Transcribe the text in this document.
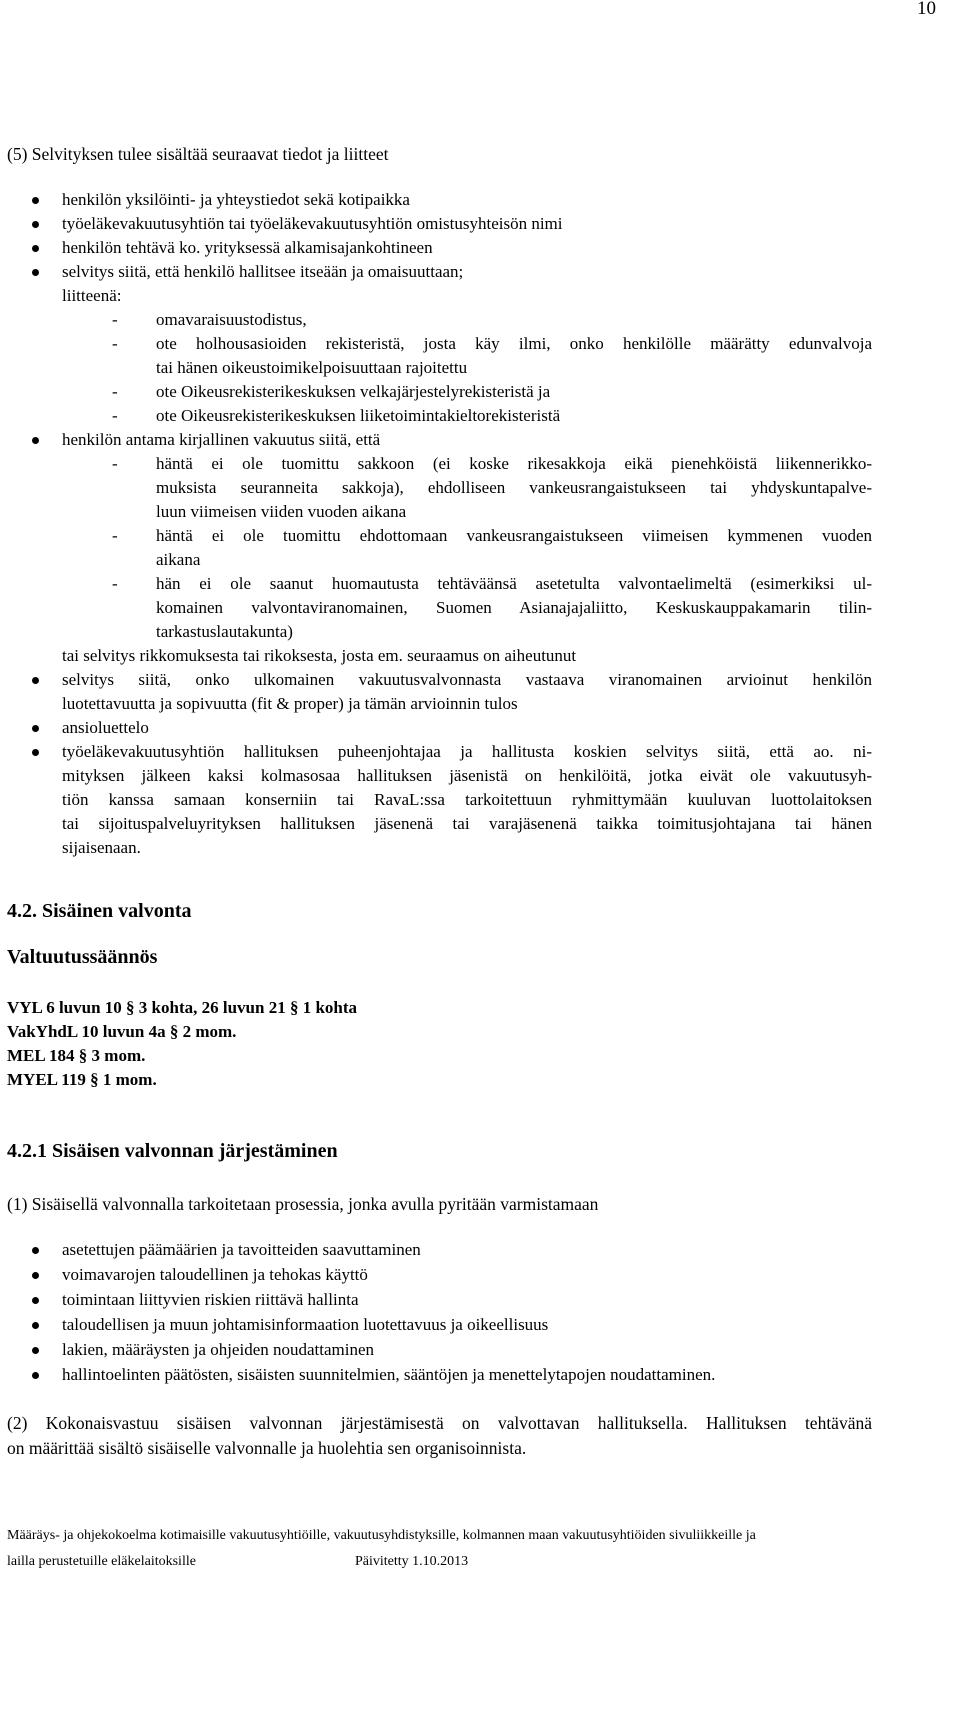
10
(5) Selvityksen tulee sisältää seuraavat tiedot ja liitteet
henkilön yksilöinti- ja yhteystiedot sekä kotipaikka
työeläkevakuutusyhtiön tai työeläkevakuutusyhtiön omistusyhteisön nimi
henkilön tehtävä ko. yrityksessä alkamisajankohtineen
selvitys siitä, että henkilö hallitsee itseään ja omaisuuttaan;
liitteenä:
- omavaraisuustodistus,
- ote holhousasioiden rekisteristä, josta käy ilmi, onko henkilölle määrätty edunvalvoja
tai hänen oikeustoimikelpoisuuttaan rajoitettu
- ote Oikeusrekisterikeskuksen velkajärjestelyrekisteristä ja
- ote Oikeusrekisterikeskuksen liiketoimintakieltorekisteristä
henkilön antama kirjallinen vakuutus siitä, että
- häntä ei ole tuomittu sakkoon (ei koske rikesakkoja eikä pienehköistä liikennerikko-
muksista seuranneita sakkoja), ehdolliseen vankeusrangaistukseen tai yhdyskuntapalve-
luun viimeisen viiden vuoden aikana
- häntä ei ole tuomittu ehdottomaan vankeusrangaistukseen viimeisen kymmenen vuoden
aikana
- hän ei ole saanut huomautusta tehtäväänsä asetetulta valvontaelimeltä (esimerkiksi ul-
komainen valvontaviranomainen, Suomen Asianajajaliitto, Keskuskauppakamarin tilin-
tarkastuslautakunta)
tai selvitys rikkomuksesta tai rikoksesta, josta em. seuraamus on aiheutunut
selvitys siitä, onko ulkomainen vakuutusvalvonnasta vastaava viranomainen arvioinut henkilön
luotettavuutta ja sopivuutta (fit & proper) ja tämän arvioinnin tulos
ansioluettelo
työeläkevakuutusyhtiön hallituksen puheenjohtajaa ja hallitusta koskien selvitys siitä, että ao. ni-
mityksen jälkeen kaksi kolmasosaa hallituksen jäsenistä on henkilöitä, jotka eivät ole vakuutusyh-
tiön kanssa samaan konserniin tai RavaL:ssa tarkoitettuun ryhmittymään kuuluvan luottolaitoksen
tai sijoituspalveluyrityksen hallituksen jäsenenä tai varajäsenenä taikka toimitusjohtajana tai hänen
sijaisenaan.
4.2. Sisäinen valvonta
Valtuutussäännös
VYL 6 luvun 10 § 3 kohta, 26 luvun 21 § 1 kohta
VakYhdL 10 luvun 4a § 2 mom.
MEL 184 § 3 mom.
MYEL 119 § 1 mom.
4.2.1 Sisäisen valvonnan järjestäminen
(1) Sisäisellä valvonnalla tarkoitetaan prosessia, jonka avulla pyritään varmistamaan
asetettujen päämäärien ja tavoitteiden saavuttaminen
voimavarojen taloudellinen ja tehokas käyttö
toimintaan liittyvien riskien riittävä hallinta
taloudellisen ja muun johtamisinformaation luotettavuus ja oikeellisuus
lakien, määräysten ja ohjeiden noudattaminen
hallintoelinten päätösten, sisäisten suunnitelmien, sääntöjen ja menettelytapojen noudattaminen.
(2) Kokonaisvastuu sisäisen valvonnan järjestämisestä on valvottavan hallituksella. Hallituksen tehtävänä
on määrittää sisältö sisäiselle valvonnalle ja huolehtia sen organisoinnista.
Määräys- ja ohjekokoelma kotimaisille vakuutusyhtiöille, vakuutusyhdistyksille, kolmannen maan vakuutusyhtiöiden sivuliikkeille ja
lailla perustetuille eläkelaitoksille	Päivitetty 1.10.2013
